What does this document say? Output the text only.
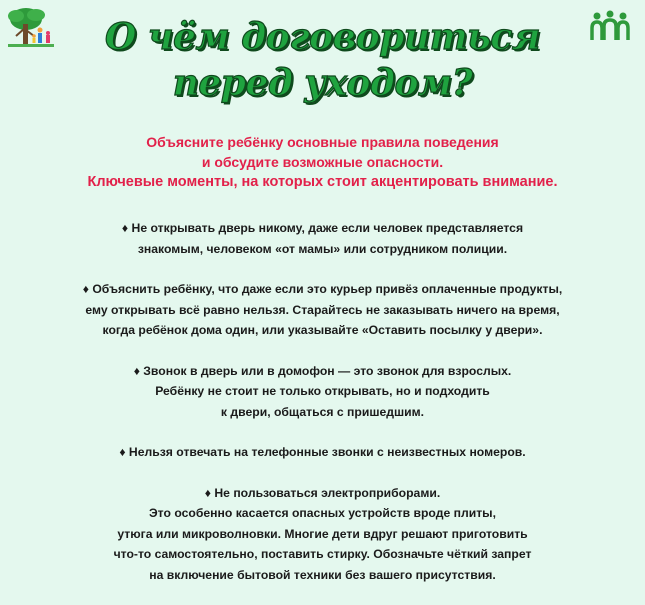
О чём договориться
перед уходом?
Объясните ребёнку основные правила поведения
и обсудите возможные опасности.
Ключевые моменты, на которых стоит акцентировать внимание.

♦ Не открывать дверь никому, даже если человек представляется
знакомым, человеком «от мамы» или сотрудником полиции.

♦ Объяснить ребёнку, что даже если это курьер привёз оплаченные продукты,
ему открывать всё равно нельзя. Старайтесь не заказывать ничего на время,
когда ребёнок дома один, или указывайте «Оставить посылку у двери».

♦ Звонок в дверь или в домофон — это звонок для взрослых.
Ребёнку не стоит не только открывать, но и подходить
к двери, общаться с пришедшим.

♦ Нельзя отвечать на телефонные звонки с неизвестных номеров.

♦ Не пользоваться электроприборами.
Это особенно касается опасных устройств вроде плиты,
утюга или микроволновки. Многие дети вдруг решают приготовить
что-то самостоятельно, поставить стирку. Обозначьте чёткий запрет
на включение бытовой техники без вашего присутствия.
